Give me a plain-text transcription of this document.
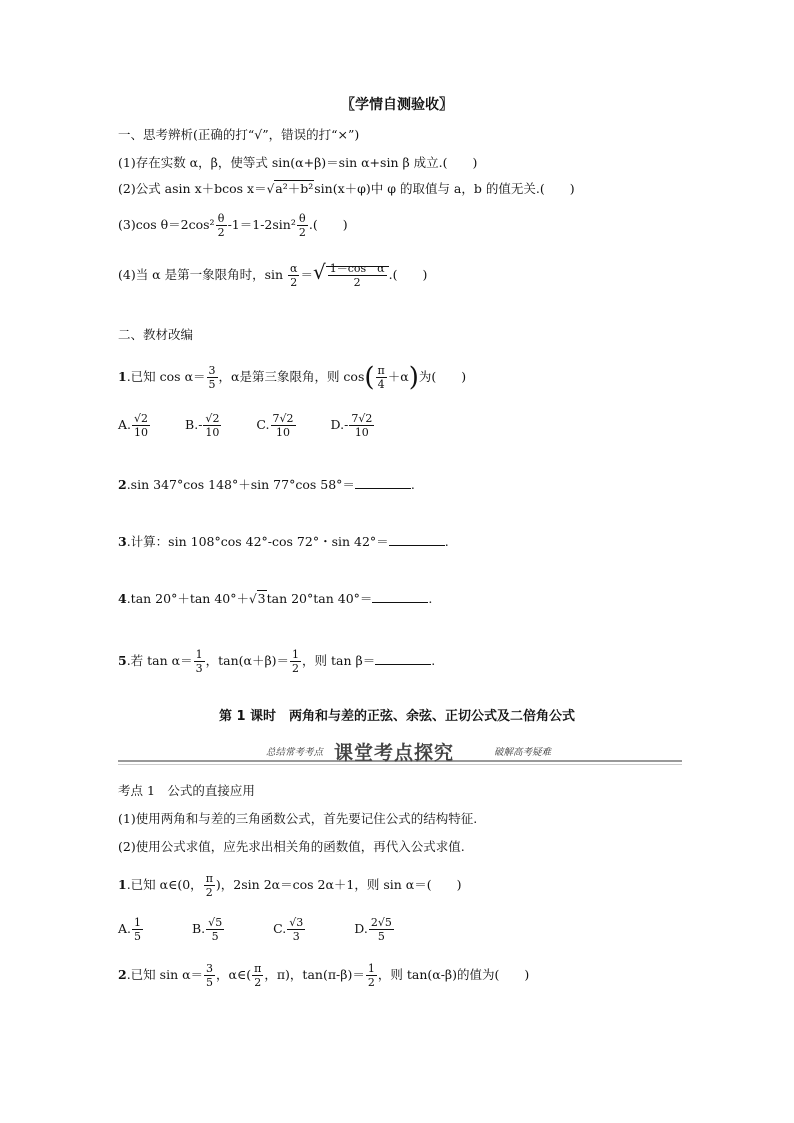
〖学情自测验收〗
一、思考辨析(正确的打“√”，错误的打“×”)
(1)存在实数 α，β，使等式 sin(α+β)＝sin α+sin β 成立.(　　)
(2)公式 asin x＋bcos x＝√a²＋b²sin(x＋φ)中 φ 的取值与 a，b 的值无关.(　　)
(3)cos $\theta=2\cos^2 \frac{\theta}{2} -1=1-2\sin^2 \frac{\theta}{2}$ .(　　)
(4)当 α 是第一象限角时，$\sin \frac{\alpha}{2}$ ＝√ $\frac{\text{1－cos　α}}{2}$ .(　　)
二、教材改编
1.已知 $\cos \alpha= \frac{3}{5}$ ，α是第三象限角，则 $\cos( \frac{\pi}{4} +\alpha)$为(　　)
A. $\frac{√2}{10}$	$B.- \frac{√2}{10}$	C. $\frac{7√2}{10}$	$D.- \frac{7√2}{10}$
2.sin 347°cos 148°＋sin 77°cos 58°＝	.
3.计算：sin 108°cos 42°-cos 72°・sin 42°＝	.
4.tan 20°＋tan 40°＋√3tan 20°tan 40°＝	.
5.若 $\tan \alpha= \frac{1}{3}$ ，$\tan(\alpha+\beta)= \frac{1}{2}$ ，则 tan β＝	.
第 1 课时　两角和与差的正弦、余弦、正切公式及二倍角公式
总结常考考点 课堂考点探究	破解高考疑难
考点 1　公式的直接应用
(1)使用两角和与差的三角函数公式，首先要记住公式的结构特征.
(2)使用公式求值，应先求出相关角的函数值，再代入公式求值.
1.已知 α∈(0， $\frac{\pi}{2}$ )，2sin 2α＝cos 2α＋1，则 sin α＝(　　)
A. $\frac{1}{5}$	B. $\frac{√5}{5}$	C. $\frac{√3}{3}$	D. $\frac{2√5}{5}$
2.已知 $\sin \alpha= \frac{3}{5}$ ，α∈( $\frac{\pi}{2}$ ，π)，$\tan(\pi-\beta)= \frac{1}{2}$ ，则 tan(α-β)的值为(　　)
